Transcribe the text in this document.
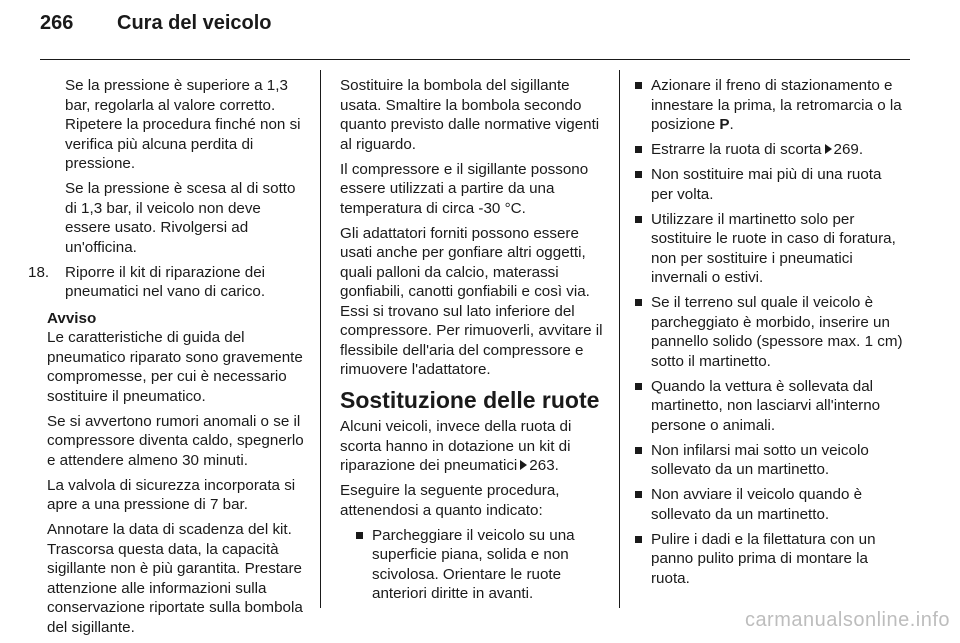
266	Cura del veicolo

Se la pressione è superiore a 1,3 bar, regolarla al valore corretto. Ripetere la procedura finché non si verifica più alcuna perdita di pressione.

Se la pressione è scesa al di sotto di 1,3 bar, il veicolo non deve essere usato. Rivolgersi ad un'officina.

18. Riporre il kit di riparazione dei pneumatici nel vano di carico.

Avviso

Le caratteristiche di guida del pneumatico riparato sono gravemente compromesse, per cui è necessario sostituire il pneumatico.

Se si avvertono rumori anomali o se il compressore diventa caldo, spegnerlo e attendere almeno 30 minuti.

La valvola di sicurezza incorporata si apre a una pressione di 7 bar.

Annotare la data di scadenza del kit. Trascorsa questa data, la capacità sigillante non è più garantita. Prestare attenzione alle informazioni sulla conservazione riportate sulla bombola del sigillante.

Sostituire la bombola del sigillante usata. Smaltire la bombola secondo quanto previsto dalle normative vigenti al riguardo.

Il compressore e il sigillante possono essere utilizzati a partire da una temperatura di circa -30 °C.

Gli adattatori forniti possono essere usati anche per gonfiare altri oggetti, quali palloni da calcio, materassi gonfiabili, canotti gonfiabili e così via. Essi si trovano sul lato inferiore del compressore. Per rimuoverli, avvitare il flessibile dell'aria del compressore e rimuovere l'adattatore.

Sostituzione delle ruote

Alcuni veicoli, invece della ruota di scorta hanno in dotazione un kit di riparazione dei pneumatici 263.

Eseguire la seguente procedura, attenendosi a quanto indicato:

Parcheggiare il veicolo su una superficie piana, solida e non scivolosa. Orientare le ruote anteriori diritte in avanti.
Azionare il freno di stazionamento e innestare la prima, la retromarcia o la posizione P.
Estrarre la ruota di scorta 269.
Non sostituire mai più di una ruota per volta.
Utilizzare il martinetto solo per sostituire le ruote in caso di foratura, non per sostituire i pneumatici invernali o estivi.
Se il terreno sul quale il veicolo è parcheggiato è morbido, inserire un pannello solido (spessore max. 1 cm) sotto il martinetto.
Quando la vettura è sollevata dal martinetto, non lasciarvi all'interno persone o animali.
Non infilarsi mai sotto un veicolo sollevato da un martinetto.
Non avviare il veicolo quando è sollevato da un martinetto.
Pulire i dadi e la filettatura con un panno pulito prima di montare la ruota.
carmanualsonline.info
